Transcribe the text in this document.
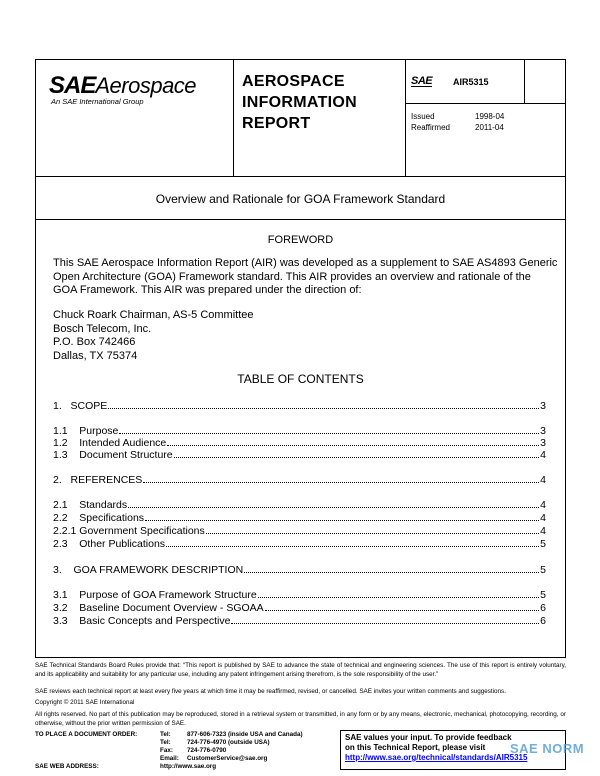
SAEAerospace
An SAE International Group
AEROSPACE
INFORMATION
REPORT
SAE AIR5315
Issued	1998-04
Reaffirmed	2011-04
Overview and Rationale for GOA Framework Standard
FOREWORD
This SAE Aerospace Information Report (AIR) was developed as a supplement to SAE AS4893 Generic
Open Architecture (GOA) Framework standard. This AIR provides an overview and rationale of the
GOA Framework. This AIR was prepared under the direction of:
Chuck Roark Chairman, AS-5 Committee
Bosch Telecom, Inc.
P.O. Box 742466
Dallas, TX 75374
TABLE OF CONTENTS
1. SCOPE	3
1.1 Purpose	3
1.2 Intended Audience	3
1.3 Document Structure	4
2. REFERENCES	4
2.1 Standards	4
2.2 Specifications	4
2.2.1 Government Specifications	4
2.3 Other Publications	5
3. GOA FRAMEWORK DESCRIPTION	5
3.1 Purpose of GOA Framework Structure	5
3.2 Baseline Document Overview - SGOAA	6
3.3 Basic Concepts and Perspective	6
SAE Technical Standards Board Rules provide that: “This report is published by SAE to advance the state of technical and engineering sciences. The use of this report is entirely voluntary, and its applicability and suitability for any particular use, including any patent infringement arising therefrom, is the sole responsibility of the user.”
SAE reviews each technical report at least every five years at which time it may be reaffirmed, revised, or cancelled. SAE invites your written comments and suggestions.
Copyright © 2011 SAE International
All rights reserved. No part of this publication may be reproduced, stored in a retrieval system or transmitted, in any form or by any means, electronic, mechanical, photocopying, recording, or otherwise, without the prior written permission of SAE.
TO PLACE A DOCUMENT ORDER:	Tel:	877-606-7323 (inside USA and Canada)
Tel:	724-776-4970 (outside USA)
Fax: 724-776-0790
Email: CustomerService@sae.org
SAE WEB ADDRESS:	http://www.sae.org
SAE values your input. To provide feedback
on this Technical Report, please visit
http://www.sae.org/technical/standards/AIR5315
SAE NORM
